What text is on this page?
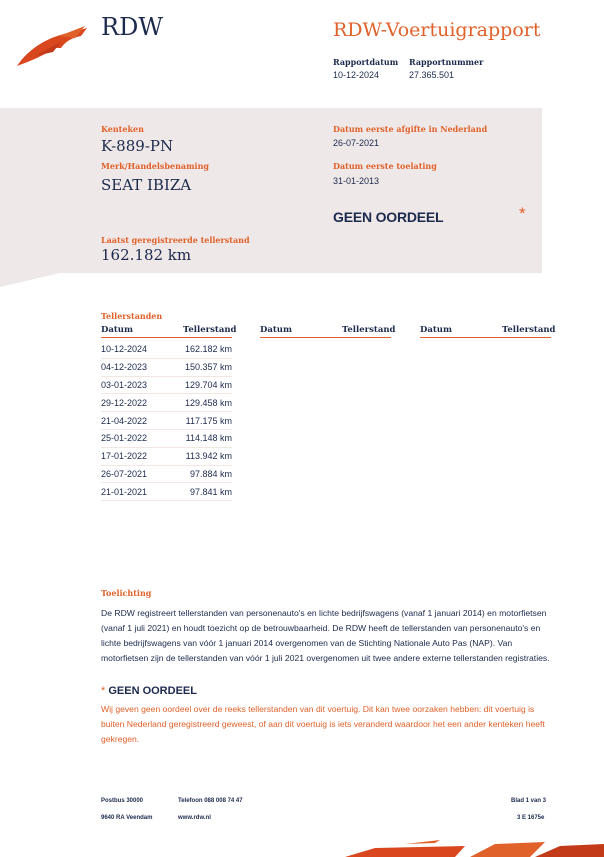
RDW	RDW-Voertuigrapport
Rapportdatum
10-12-2024
Rapportnummer
27.365.501
Kenteken
K-889-PN
Merk/Handelsbenaming
SEAT IBIZA
Datum eerste afgifte in Nederland
26-07-2021
Datum eerste toelating
31-01-2013
GEEN OORDEEL	*
Laatst geregistreerde tellerstand
162.182 km
Tellerstanden
Datum	Tellerstand	Datum	Tellerstand	Datum	Tellerstand
10-12-2024	162.182 km
04-12-2023	150.357 km
03-01-2023	129.704 km
29-12-2022	129.458 km
21-04-2022	117.175 km
25-01-2022	114.148 km
17-01-2022	113.942 km
26-07-2021	97.884 km
21-01-2021	97.841 km
Toelichting
De RDW registreert tellerstanden van personenauto's en lichte bedrijfswagens (vanaf 1 januari 2014) en motorfietsen (vanaf 1 juli 2021) en houdt toezicht op de betrouwbaarheid. De RDW heeft de tellerstanden van personenauto's en lichte bedrijfswagens van vóór 1 januari 2014 overgenomen van de Stichting Nationale Auto Pas (NAP). Van motorfietsen zijn de tellerstanden van vóór 1 juli 2021 overgenomen uit twee andere externe tellerstanden registraties.
* GEEN OORDEEL
Wij geven geen oordeel over de reeks tellerstanden van dit voertuig. Dit kan twee oorzaken hebben: dit voertuig is buiten Nederland geregistreerd geweest, of aan dit voertuig is iets veranderd waardoor het een ander kenteken heeft gekregen.
Postbus 30000
9640 RA Veendam
Telefoon 088 008 74 47
www.rdw.nl
Blad 1 van 3
3 E 1675e
